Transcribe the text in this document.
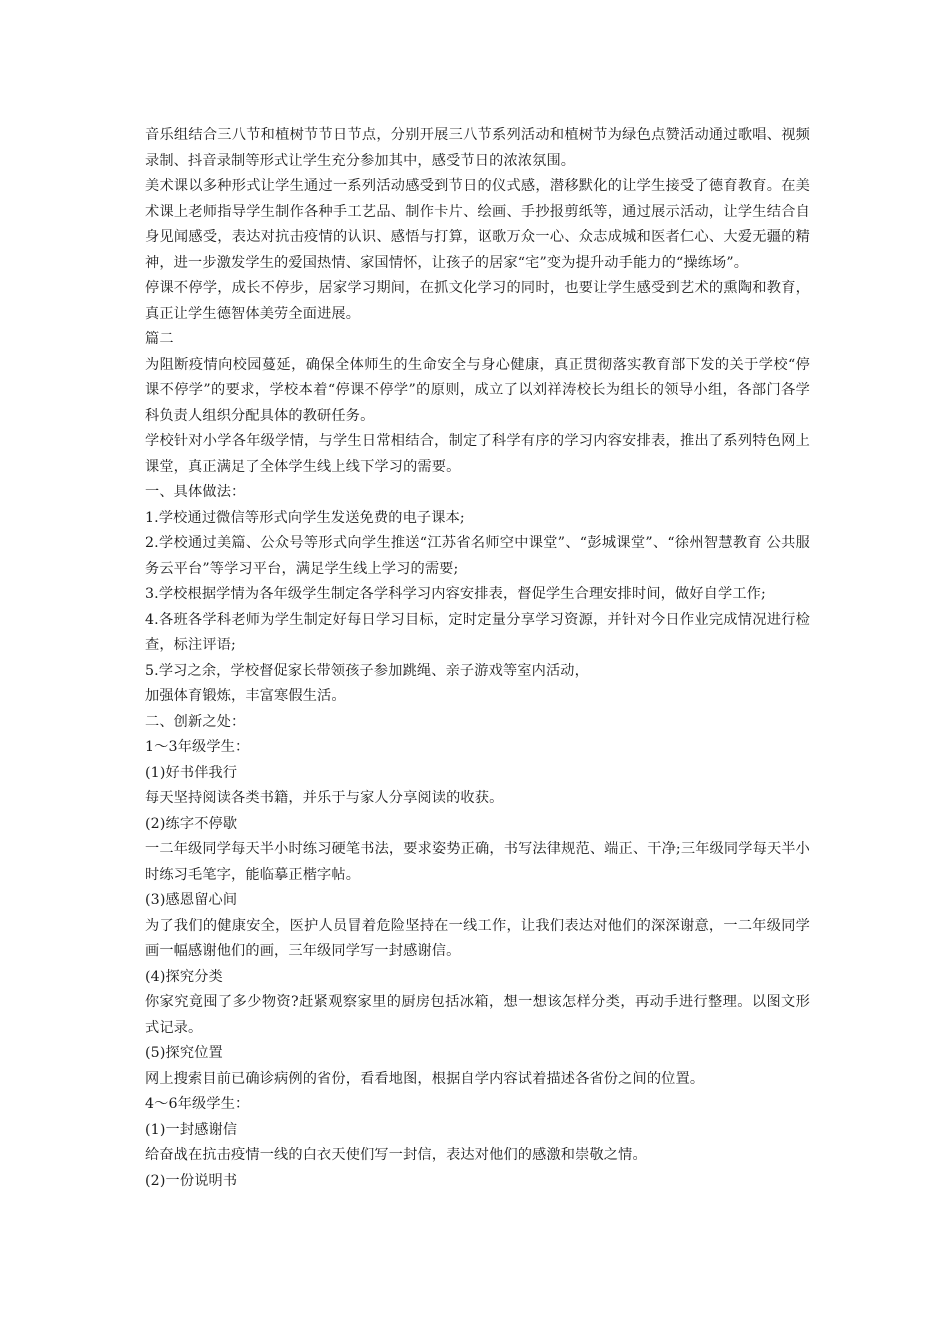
音乐组结合三八节和植树节节日节点，分别开展三八节系列活动和植树节为绿色点赞活动通过歌唱、视频录制、抖音录制等形式让学生充分参加其中，感受节日的浓浓氛围。

美术课以多种形式让学生通过一系列活动感受到节日的仪式感，潜移默化的让学生接受了德育教育。在美术课上老师指导学生制作各种手工艺品、制作卡片、绘画、手抄报剪纸等，通过展示活动，让学生结合自身见闻感受，表达对抗击疫情的认识、感悟与打算，讴歌万众一心、众志成城和医者仁心、大爱无疆的精神，进一步激发学生的爱国热情、家国情怀，让孩子的居家“宅”变为提升动手能力的“操练场”。

停课不停学，成长不停步，居家学习期间，在抓文化学习的同时，也要让学生感受到艺术的熏陶和教育，真正让学生德智体美劳全面进展。

篇二

为阻断疫情向校园蔓延，确保全体师生的生命安全与身心健康，真正贯彻落实教育部下发的关于学校“停课不停学”的要求，学校本着“停课不停学”的原则，成立了以刘祥涛校长为组长的领导小组，各部门各学科负责人组织分配具体的教研任务。

学校针对小学各年级学情，与学生日常相结合，制定了科学有序的学习内容安排表，推出了系列特色网上课堂，真正满足了全体学生线上线下学习的需要。

一、具体做法：

1.学校通过微信等形式向学生发送免费的电子课本;

2.学校通过美篇、公众号等形式向学生推送“江苏省名师空中课堂”、“彭城课堂”、“徐州智慧教育 公共服务云平台”等学习平台，满足学生线上学习的需要;

3.学校根据学情为各年级学生制定各学科学习内容安排表，督促学生合理安排时间，做好自学工作;

4.各班各学科老师为学生制定好每日学习目标，定时定量分享学习资源，并针对今日作业完成情况进行检查，标注评语;

5.学习之余，学校督促家长带领孩子参加跳绳、亲子游戏等室内活动，

加强体育锻炼，丰富寒假生活。

二、创新之处：

1～3年级学生：

(1)好书伴我行

每天坚持阅读各类书籍，并乐于与家人分享阅读的收获。

(2)练字不停歇

一二年级同学每天半小时练习硬笔书法，要求姿势正确，书写法律规范、端正、干净;三年级同学每天半小时练习毛笔字，能临摹正楷字帖。

(3)感恩留心间

为了我们的健康安全，医护人员冒着危险坚持在一线工作，让我们表达对他们的深深谢意，一二年级同学画一幅感谢他们的画，三年级同学写一封感谢信。

(4)探究分类

你家究竟囤了多少物资?赶紧观察家里的厨房包括冰箱，想一想该怎样分类，再动手进行整理。以图文形式记录。

(5)探究位置

网上搜索目前已确诊病例的省份，看看地图，根据自学内容试着描述各省份之间的位置。

4～6年级学生：

(1)一封感谢信

给奋战在抗击疫情一线的白衣天使们写一封信，表达对他们的感激和崇敬之情。

(2)一份说明书
